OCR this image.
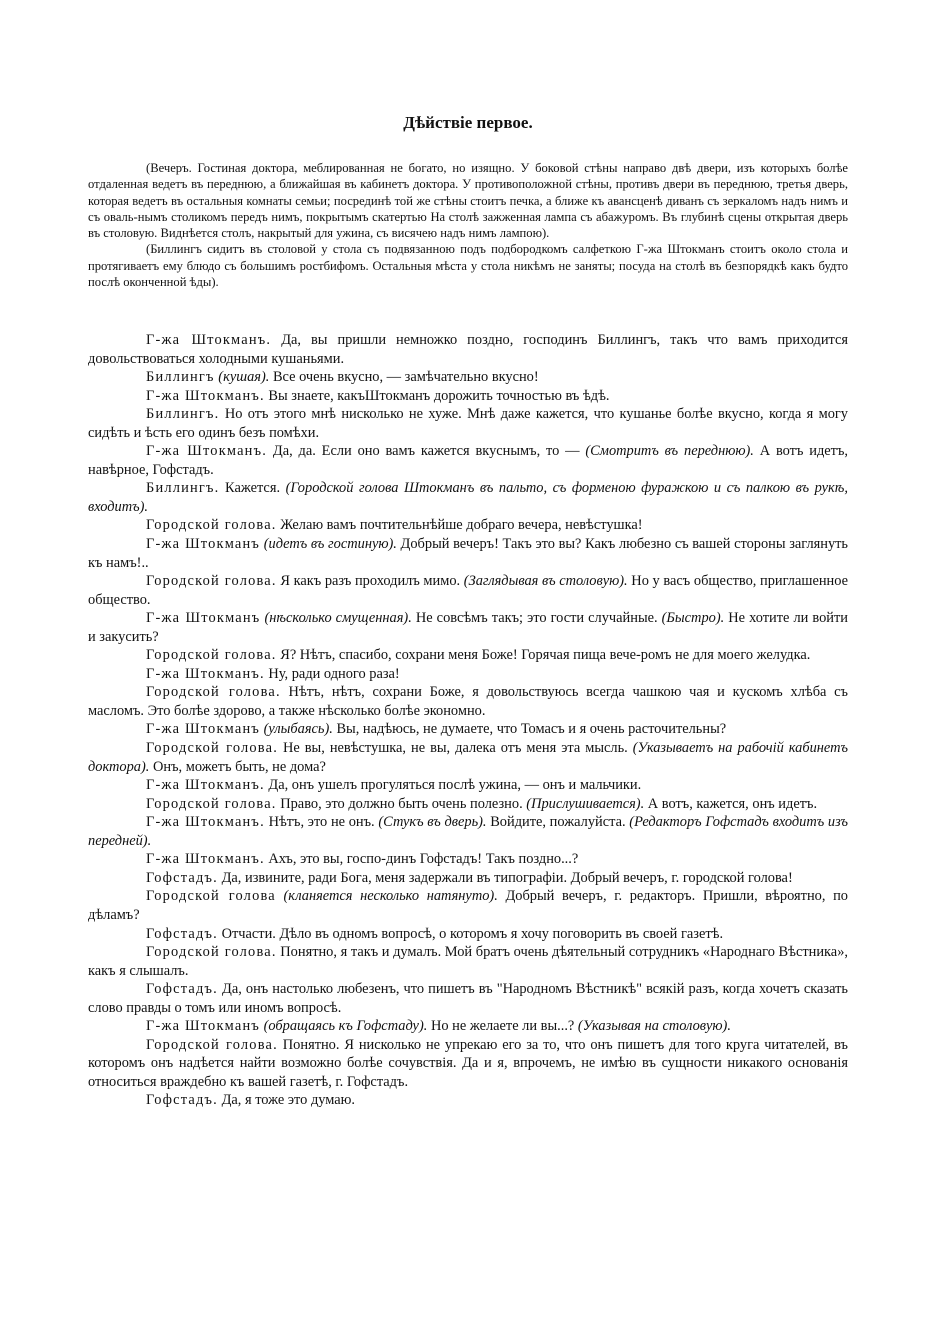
Дѣйствіе первое.

(Вечеръ. Гостиная доктора, меблированная не богато, но изящно. У боковой стѣны направо двѣ двери, изъ которыхъ болѣе отдаленная ведетъ въ переднюю, а ближайшая въ кабинетъ доктора. У противоположной стѣны, противъ двери въ переднюю, третья дверь, которая ведетъ въ остальныя комнаты семьи; посрединѣ той же стѣны стоитъ печка, а ближе къ авансценѣ диванъ съ зеркаломъ надъ нимъ и съ оваль-нымъ столикомъ передъ нимъ, покрытымъ скатертью На столѣ зажженная лампа съ абажуромъ. Въ глубинѣ сцены открытая дверь въ столовую. Виднѣется столъ, накрытый для ужина, съ висячею надъ нимъ лампою).

(Биллингъ сидитъ въ столовой у стола съ подвязанною подъ подбородкомъ салфеткою Г-жа Штокманъ стоитъ около стола и протягиваетъ ему блюдо съ большимъ ростбифомъ. Остальныя мѣста у стола никѣмъ не заняты; посуда на столѣ въ безпорядкѣ какъ будто послѣ оконченной ѣды).

Г-жа Штокманъ. Да, вы пришли немножко поздно, господинъ Биллингъ, такъ что вамъ приходится довольствоваться холодными кушаньями.

Биллингъ (кушая). Все очень вкусно, — замѣчательно вкусно!

Г-жа Штокманъ. Вы знаете, какъШтокманъ дорожить точностью въ ѣдѣ.

Биллингъ. Но отъ этого мнѣ нисколько не хуже. Мнѣ даже кажется, что кушанье болѣе вкусно, когда я могу сидѣть и ѣсть его одинъ безъ помѣхи.

Г-жа Штокманъ. Да, да. Если оно вамъ кажется вкуснымъ, то — (Смотритъ въ переднюю). А вотъ идетъ, навѣрное, Гофстадъ.

Биллингъ. Кажется. (Городской голова Штокманъ въ пальто, съ форменою фуражкою и съ палкою въ рукѣ, входитъ).

Городской голова. Желаю вамъ почтительнѣйше добраго вечера, невѣстушка!

Г-жа Штокманъ (идетъ въ гостиную). Добрый вечеръ! Такъ это вы? Какъ любезно съ вашей стороны заглянуть къ намъ!..

Городской голова. Я какъ разъ проходилъ мимо. (Заглядывая въ столовую). Но у васъ общество, приглашенное общество.

Г-жа Штокманъ (нѣсколько смущенная). Не совсѣмъ такъ; это гости случайные. (Быстро). Не хотите ли войти и закусить?

Городской голова. Я? Нѣтъ, спасибо, сохрани меня Боже! Горячая пища вече-ромъ не для моего желудка.

Г-жа Штокманъ. Ну, ради одного раза!

Городской голова. Нѣтъ, нѣтъ, сохрани Боже, я довольствуюсь всегда чашкою чая и кускомъ хлѣба съ масломъ. Это болѣе здорово, а также нѣсколько болѣе экономно.

Г-жа Штокманъ (улыбаясь). Вы, надѣюсь, не думаете, что Томасъ и я очень расточительны?

Городской голова. Не вы, невѣстушка, не вы, далека отъ меня эта мысль. (Указываетъ на рабочій кабинетъ доктора). Онъ, можетъ быть, не дома?

Г-жа Штокманъ. Да, онъ ушелъ прогуляться послѣ ужина, — онъ и мальчики.

Городской голова. Право, это должно быть очень полезно. (Прислушивается). А вотъ, кажется, онъ идетъ.

Г-жа Штокманъ. Нѣтъ, это не онъ. (Стукъ въ дверь). Войдите, пожалуйста. (Редакторъ Гофстадъ входитъ изъ передней).

Г-жа Штокманъ. Ахъ, это вы, госпо-динъ Гофстадъ! Такъ поздно...?

Гофстадъ. Да, извините, ради Бога, меня задержали въ типографіи. Добрый вечеръ, г. городской голова!

Городской голова (кланяется несколько натянуто). Добрый вечеръ, г. редакторъ. Пришли, вѣроятно, по дѣламъ?

Гофстадъ. Отчасти. Дѣло въ одномъ вопросѣ, о которомъ я хочу поговорить въ своей газетѣ.

Городской голова. Понятно, я такъ и думалъ. Мой братъ очень дѣятельный сотрудникъ «Народнаго Вѣстника», какъ я слышалъ.

Гофстадъ. Да, онъ настолько любезенъ, что пишетъ въ "Народномъ Вѣстникѣ" всякій разъ, когда хочетъ сказать слово правды о томъ или иномъ вопросѣ.

Г-жа Штокманъ (обращаясь къ Гофстаду). Но не желаете ли вы...? (Указывая на столовую).

Городской голова. Понятно. Я нисколько не упрекаю его за то, что онъ пишетъ для того круга читателей, въ которомъ онъ надѣется найти возможно болѣе сочувствія. Да и я, впрочемъ, не имѣю въ сущности никакого основанія относиться враждебно къ вашей газетѣ, г. Гофстадъ.

Гофстадъ. Да, я тоже это думаю.
